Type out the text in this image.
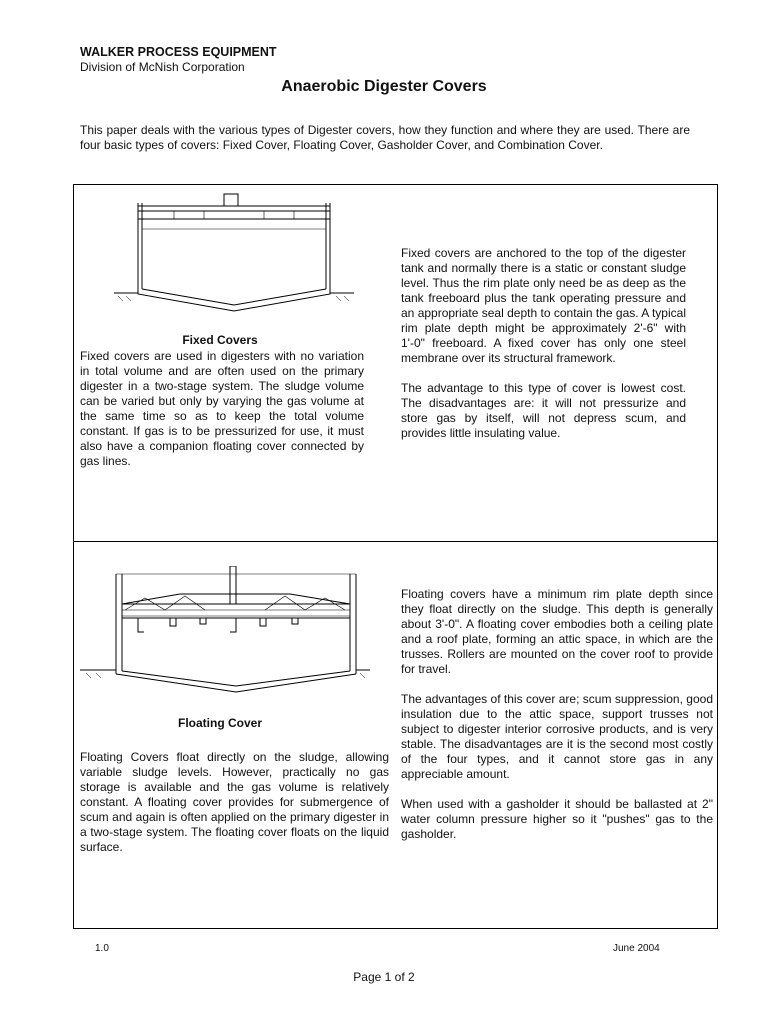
WALKER PROCESS EQUIPMENT
Division of McNish Corporation
Anaerobic Digester Covers

This paper deals with the various types of Digester covers, how they function and where they are used. There are four basic types of covers: Fixed Cover, Floating Cover, Gasholder Cover, and Combination Cover.

Fixed Covers

Fixed covers are used in digesters with no variation in total volume and are often used on the primary digester in a two-stage system. The sludge volume can be varied but only by varying the gas volume at the same time so as to keep the total volume constant. If gas is to be pressurized for use, it must also have a companion floating cover connected by gas lines.

Fixed covers are anchored to the top of the digester tank and normally there is a static or constant sludge level. Thus the rim plate only need be as deep as the tank freeboard plus the tank operating pressure and an appropriate seal depth to contain the gas. A typical rim plate depth might be approximately 2'-6" with 1'-0" freeboard. A fixed cover has only one steel membrane over its structural framework.

The advantage to this type of cover is lowest cost. The disadvantages are: it will not pressurize and store gas by itself, will not depress scum, and provides little insulating value.

Floating Cover

Floating Covers float directly on the sludge, allowing variable sludge levels. However, practically no gas storage is available and the gas volume is relatively constant. A floating cover provides for submergence of scum and again is often applied on the primary digester in a two-stage system. The floating cover floats on the liquid surface.

Floating covers have a minimum rim plate depth since they float directly on the sludge. This depth is generally about 3'-0". A floating cover embodies both a ceiling plate and a roof plate, forming an attic space, in which are the trusses. Rollers are mounted on the cover roof to provide for travel.

The advantages of this cover are; scum suppression, good insulation due to the attic space, support trusses not subject to digester interior corrosive products, and is very stable. The disadvantages are it is the second most costly of the four types, and it cannot store gas in any appreciable amount.

When used with a gasholder it should be ballasted at 2" water column pressure higher so it "pushes" gas to the gasholder.

1.0	June 2004
Page 1 of 2
